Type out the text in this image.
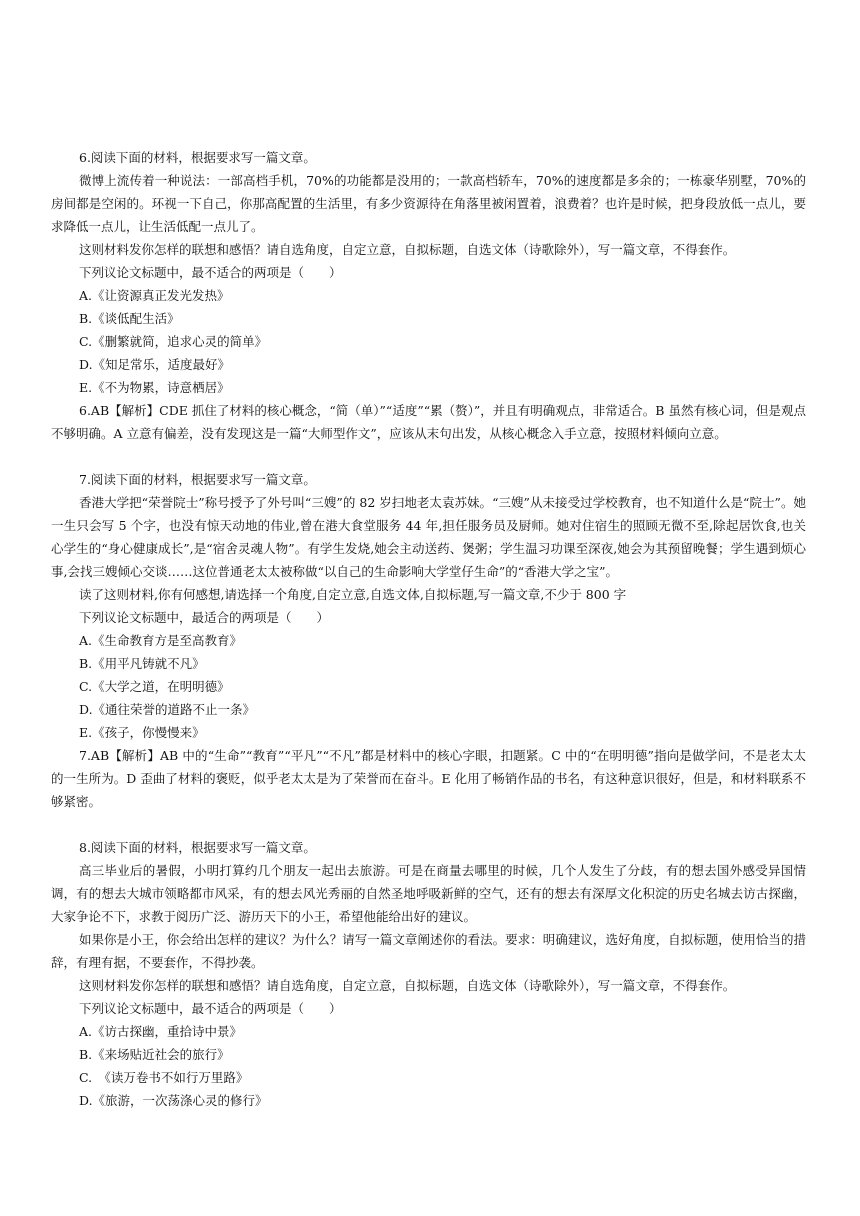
6.阅读下面的材料，根据要求写一篇文章。

微博上流传着一种说法：一部高档手机，70%的功能都是没用的；一款高档轿车，70%的速度都是多余的；一栋豪华别墅，70%的房间都是空闲的。环视一下自己，你那高配置的生活里，有多少资源待在角落里被闲置着，浪费着？也许是时候，把身段放低一点儿，要求降低一点儿，让生活低配一点儿了。

这则材料发你怎样的联想和感悟？请自选角度，自定立意，自拟标题，自选文体（诗歌除外），写一篇文章，不得套作。

下列议论文标题中，最不适合的两项是（　　）

A.《让资源真正发光发热》

B.《谈低配生活》

C.《删繁就简，追求心灵的简单》

D.《知足常乐，适度最好》

E.《不为物累，诗意栖居》

6.AB【解析】CDE 抓住了材料的核心概念，“简（单）”“适度”“累（赘）”，并且有明确观点，非常适合。B 虽然有核心词，但是观点不够明确。A 立意有偏差，没有发现这是一篇“大师型作文”，应该从末句出发，从核心概念入手立意，按照材料倾向立意。

7.阅读下面的材料，根据要求写一篇文章。

香港大学把“荣誉院士”称号授予了外号叫“三嫂”的 82 岁扫地老太袁苏妹。“三嫂”从未接受过学校教育，也不知道什么是“院士”。她一生只会写 5 个字，也没有惊天动地的伟业,曾在港大食堂服务 44 年,担任服务员及厨师。她对住宿生的照顾无微不至,除起居饮食,也关心学生的“身心健康成长”,是“宿舍灵魂人物”。有学生发烧,她会主动送药、煲粥；学生温习功课至深夜,她会为其预留晚餐；学生遇到烦心事,会找三嫂倾心交谈……这位普通老太太被称做“以自己的生命影响大学堂仔生命”的“香港大学之宝”。

读了这则材料,你有何感想,请选择一个角度,自定立意,自选文体,自拟标题,写一篇文章,不少于 800 字

下列议论文标题中，最适合的两项是（　　）

A.《生命教育方是至高教育》

B.《用平凡铸就不凡》

C.《大学之道，在明明德》

D.《通往荣誉的道路不止一条》

E.《孩子，你慢慢来》

7.AB【解析】AB 中的“生命”“教育”“平凡”“不凡”都是材料中的核心字眼，扣题紧。C 中的“在明明德”指向是做学问，不是老太太的一生所为。D 歪曲了材料的褒贬，似乎老太太是为了荣誉而在奋斗。E 化用了畅销作品的书名，有这种意识很好，但是，和材料联系不够紧密。

8.阅读下面的材料，根据要求写一篇文章。

高三毕业后的暑假，小明打算约几个朋友一起出去旅游。可是在商量去哪里的时候，几个人发生了分歧，有的想去国外感受异国情调，有的想去大城市领略都市风采，有的想去风光秀丽的自然圣地呼吸新鲜的空气，还有的想去有深厚文化积淀的历史名城去访古探幽，大家争论不下，求教于阅历广泛、游历天下的小王，希望他能给出好的建议。

如果你是小王，你会给出怎样的建议？为什么？请写一篇文章阐述你的看法。要求：明确建议，选好角度，自拟标题，使用恰当的措辞，有理有据，不要套作，不得抄袭。

这则材料发你怎样的联想和感悟？请自选角度，自定立意，自拟标题，自选文体（诗歌除外），写一篇文章，不得套作。

下列议论文标题中，最不适合的两项是（　　）

A.《访古探幽，重拾诗中景》

B.《来场贴近社会的旅行》

C.　《读万卷书不如行万里路》

D.《旅游，一次荡涤心灵的修行》
